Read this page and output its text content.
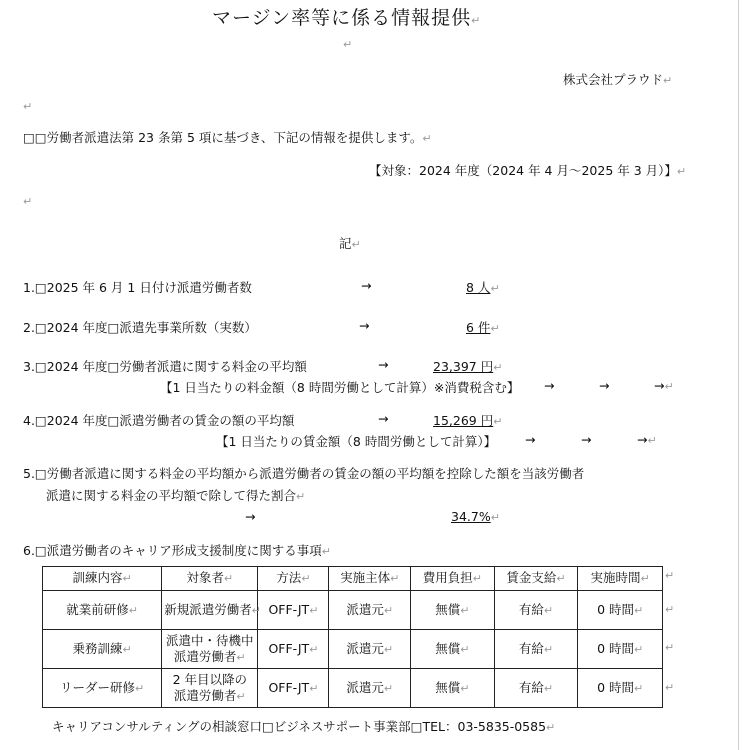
マージン率等に係る情報提供↵
↵
株式会社プラウド↵
↵
□□労働者派遣法第 23 条第 5 項に基づき、下記の情報を提供します。↵
【対象：2024 年度（2024 年 4 月～2025 年 3 月）】↵
↵
記↵
1.□2025 年 6 月 1 日付け派遣労働者数	→	8 人↵
2.□2024 年度□派遣先事業所数（実数）	→	6 件↵
3.□2024 年度□労働者派遣に関する料金の平均額	→	23,397 円↵
【1 日当たりの料金額（8 時間労働として計算）※消費税含む】 →	→	→↵
4.□2024 年度□派遣労働者の賃金の額の平均額	→	15,269 円↵
【1 日当たりの賃金額（8 時間労働として計算）】 →	→	→↵
5.□労働者派遣に関する料金の平均額から派遣労働者の賃金の額の平均額を控除した額を当該労働者
派遣に関する料金の平均額で除して得た割合↵
→	34.7%↵
6.□派遣労働者のキャリア形成支援制度に関する事項↵
訓練内容↵	対象者↵	方法↵	実施主体↵	費用負担↵	賃金支給↵	実施時間↵
就業前研修↵	新規派遣労働者↵	OFF-JT↵	派遣元↵	無償↵	有給↵	0 時間↵
乗務訓練↵	派遣中・待機中
派遣労働者↵	OFF-JT↵	派遣元↵	無償↵	有給↵	0 時間↵
リーダー研修↵	2 年目以降の
派遣労働者↵	OFF-JT↵	派遣元↵	無償↵	有給↵	0 時間↵
↵
↵
↵
↵
キャリアコンサルティングの相談窓口□ビジネスサポート事業部□TEL：03-5835-0585↵
